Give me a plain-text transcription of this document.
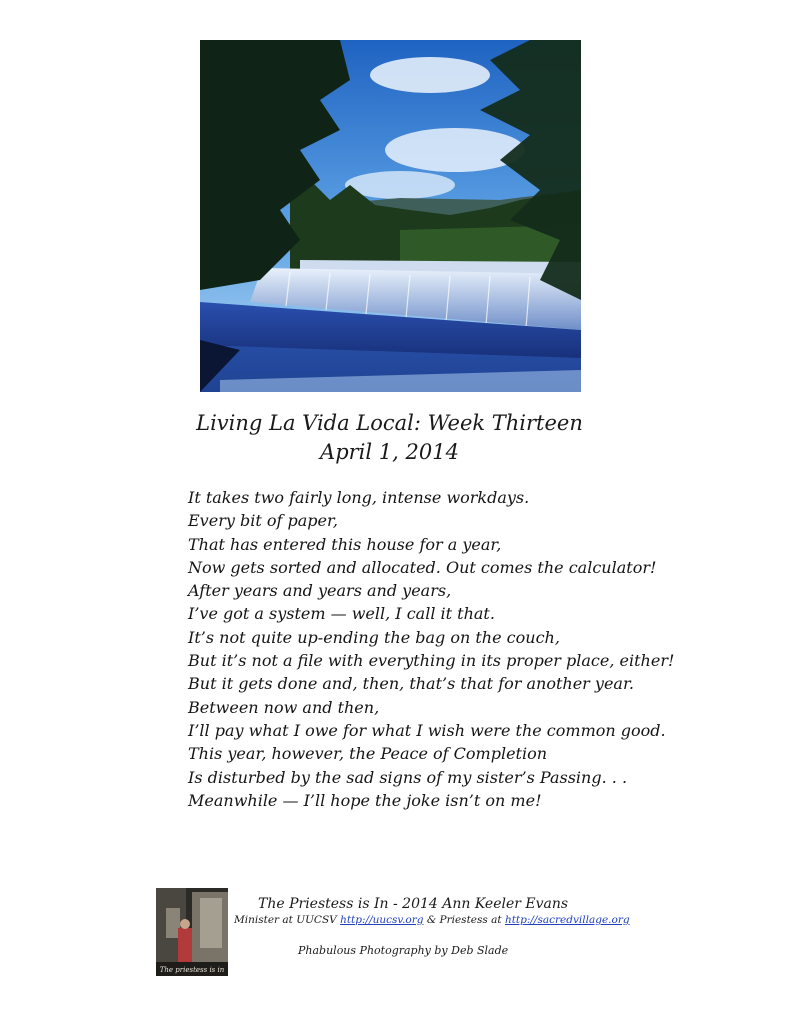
Living La Vida Local: Week Thirteen
April 1, 2014
It takes two fairly long, intense workdays.
Every bit of paper,
That has entered this house for a year,
Now gets sorted and allocated. Out comes the calculator!
After years and years and years,
I’ve got a system — well, I call it that.
It’s not quite up-ending the bag on the couch,
But it’s not a file with everything in its proper place, either!
But it gets done and, then, that’s that for another year.
Between now and then,
I’ll pay what I owe for what I wish were the common good.
This year, however, the Peace of Completion
Is disturbed by the sad signs of my sister’s Passing. . .
Meanwhile — I’ll hope the joke isn’t on me!
The priestess is in
The Priestess is In - 2014 Ann Keeler Evans
Minister at UUCSV http://uucsv.org & Priestess at http://sacredvillage.org
Phabulous Photography by Deb Slade
